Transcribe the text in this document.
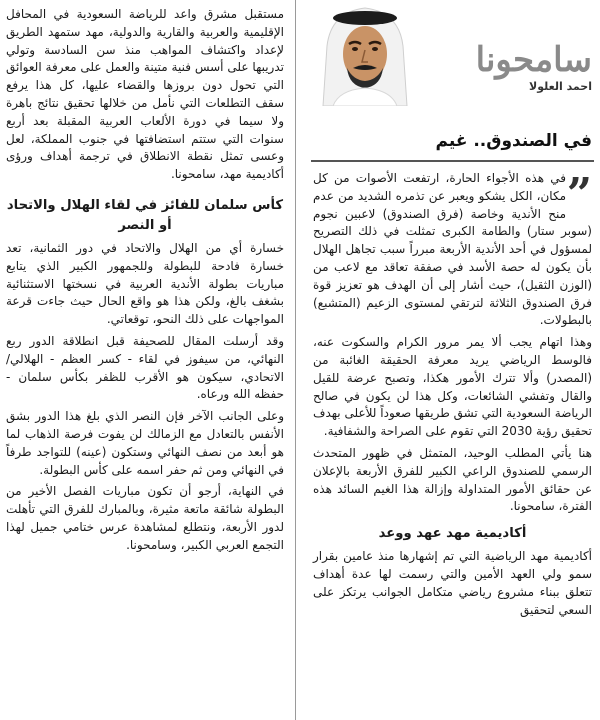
سامحونا
احمد العلولا
في الصندوق.. غيم
”

في هذه الأجواء الحارة، ارتفعت الأصوات من كل مكان، الكل يشكو ويعبر عن تذمره الشديد من عدم منح الأندية وخاصة (فرق الصندوق) لاعبين نجوم (سوبر ستار) والطامة الكبرى تمثلت في ذلك التصريح لمسؤول في أحد الأندية الأربعة مبرراً سبب تجاهل الهلال بأن يكون له حصة الأسد في صفقة تعاقد مع لاعب من (الوزن الثقيل)، حيث أشار إلى أن الهدف هو تعزيز قوة فرق الصندوق الثلاثة لترتقي لمستوى الزعيم (المتشبع) بالبطولات.

وهذا اتهام يجب ألا يمر مرور الكرام والسكوت عنه، فالوسط الرياضي يريد معرفة الحقيقة الغائبة من (المصدر) وألا تترك الأمور هكذا، وتصبح عرضة للقيل والقال وتفشي الشائعات، وكل هذا لن يكون في صالح الرياضة السعودية التي تشق طريقها صعوداً للأعلى بهدف تحقيق رؤية 2030 التي تقوم على الصراحة والشفافية.

هنا يأتي المطلب الوحيد، المتمثل في ظهور المتحدث الرسمي للصندوق الراعي الكبير للفرق الأربعة بالإعلان عن حقائق الأمور المتداولة وإزالة هذا الغيم السائد هذه الفترة، سامحونا.

أكاديمية مهد عهد ووعد

أكاديمية مهد الرياضية التي تم إشهارها منذ عامين بقرار سمو ولي العهد الأمين والتي رسمت لها عدة أهداف تتعلق ببناء مشروع رياضي متكامل الجوانب يرتكز على السعي لتحقيق

مستقبل مشرق واعد للرياضة السعودية في المحافل الإقليمية والعربية والقارية والدولية، مهد ستمهد الطريق لإعداد واكتشاف المواهب منذ سن السادسة وتولي تدريبها على أسس فنية متينة والعمل على معرفة العوائق التي تحول دون بروزها والقضاء عليها، كل هذا يرفع سقف التطلعات التي نأمل من خلالها تحقيق نتائج باهرة ولا سيما في دورة الألعاب العربية المقبلة بعد أربع سنوات التي ستتم استضافتها في جنوب المملكة، لعل وعسى تمثل نقطة الانطلاق في ترجمة أهداف ورؤى أكاديمية مهد، سامحونا.

كأس سلمان للفائز في لقاء الهلال والاتحاد أو النصر

خسارة أي من الهلال والاتحاد في دور الثمانية، تعد خسارة فادحة للبطولة وللجمهور الكبير الذي يتابع مباريات بطولة الأندية العربية في نسختها الاستثنائية بشغف بالغ، ولكن هذا هو واقع الحال حيث جاءت قرعة المواجهات على ذلك النحو، توقعاتي.

وقد أرسلت المقال للصحيفة قبل انطلاقة الدور ربع النهائي، من سيفوز في لقاء - كسر العظم - الهلالي/ الاتحادي، سيكون هو الأقرب للظفر بكأس سلمان - حفظه الله ورعاه.

وعلى الجانب الآخر فإن النصر الذي بلغ هذا الدور بشق الأنفس بالتعادل مع الزمالك لن يفوت فرصة الذهاب لما هو أبعد من نصف النهائي وستكون (عينه) للتواجد طرفاً في النهائي ومن ثم حفر اسمه على كأس البطولة.

في النهاية، أرجو أن تكون مباريات الفصل الأخير من البطولة شائقة ماتعة مثيرة، وبالمبارك للفرق التي تأهلت لدور الأربعة، ونتطلع لمشاهدة عرس ختامي جميل لهذا التجمع العربي الكبير، وسامحونا.
